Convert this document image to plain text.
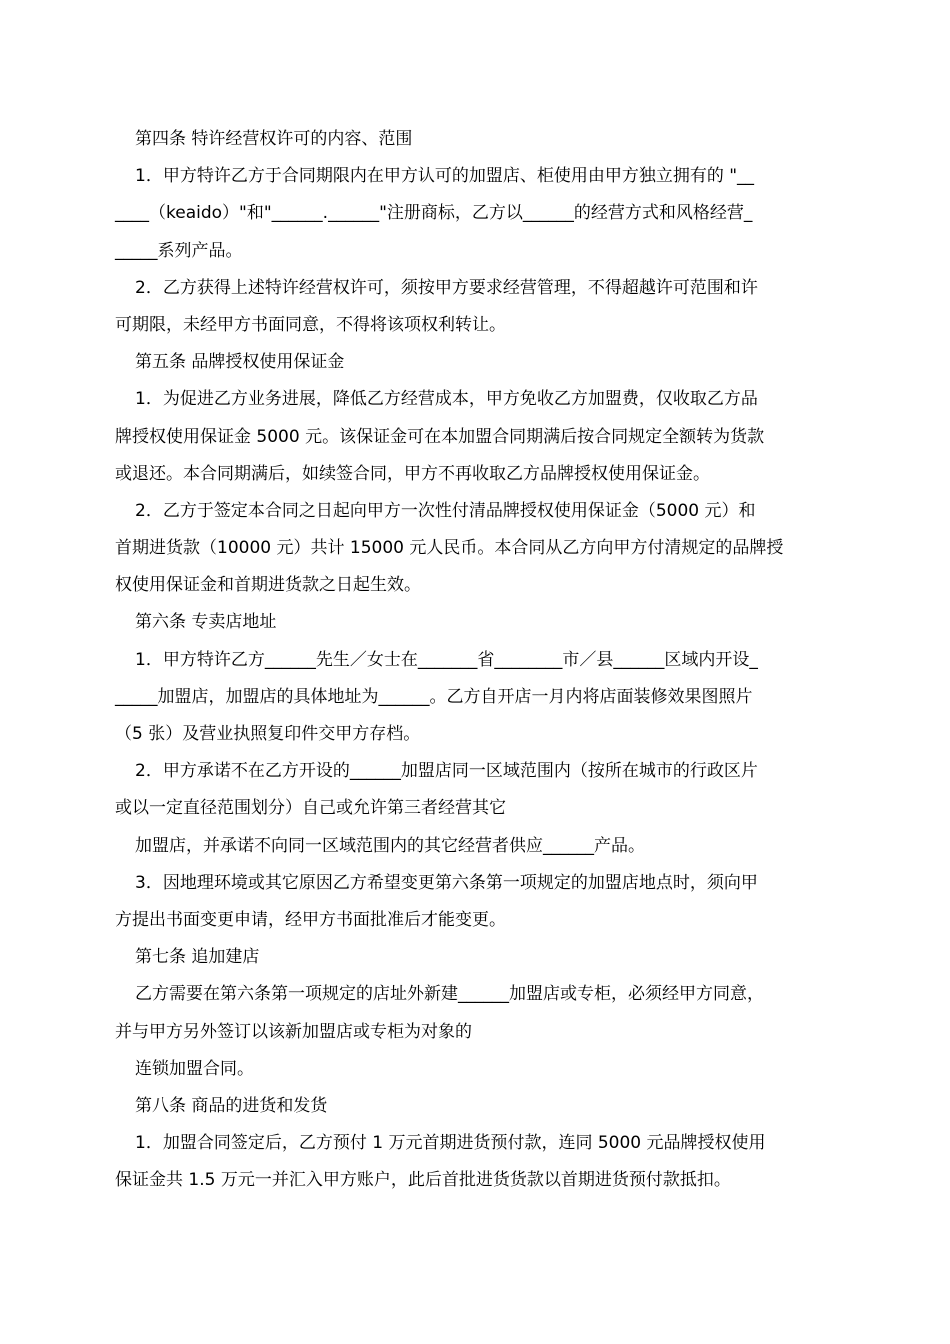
第四条 特许经营权许可的内容、范围
1．甲方特许乙方于合同期限内在甲方认可的加盟店、柜使用由甲方独立拥有的 "__
____（keaido）"和"______.______"注册商标，乙方以______的经营方式和风格经营_
_____系列产品。
2．乙方获得上述特许经营权许可，须按甲方要求经营管理，不得超越许可范围和许
可期限，未经甲方书面同意，不得将该项权利转让。
第五条 品牌授权使用保证金
1．为促进乙方业务进展，降低乙方经营成本，甲方免收乙方加盟费，仅收取乙方品
牌授权使用保证金 5000 元。该保证金可在本加盟合同期满后按合同规定全额转为货款
或退还。本合同期满后，如续签合同，甲方不再收取乙方品牌授权使用保证金。
2．乙方于签定本合同之日起向甲方一次性付清品牌授权使用保证金（5000 元）和
首期进货款（10000 元）共计 15000 元人民币。本合同从乙方向甲方付清规定的品牌授
权使用保证金和首期进货款之日起生效。
第六条 专卖店地址
1．甲方特许乙方______先生／女士在_______省________市／县______区域内开设_
_____加盟店，加盟店的具体地址为______。乙方自开店一月内将店面装修效果图照片
（5 张）及营业执照复印件交甲方存档。
2．甲方承诺不在乙方开设的______加盟店同一区域范围内（按所在城市的行政区片
或以一定直径范围划分）自己或允许第三者经营其它
加盟店，并承诺不向同一区域范围内的其它经营者供应______产品。
3．因地理环境或其它原因乙方希望变更第六条第一项规定的加盟店地点时，须向甲
方提出书面变更申请，经甲方书面批准后才能变更。
第七条 追加建店
乙方需要在第六条第一项规定的店址外新建______加盟店或专柜，必须经甲方同意，
并与甲方另外签订以该新加盟店或专柜为对象的
连锁加盟合同。
第八条 商品的进货和发货
1．加盟合同签定后，乙方预付 1 万元首期进货预付款，连同 5000 元品牌授权使用
保证金共 1.5 万元一并汇入甲方账户，此后首批进货货款以首期进货预付款抵扣。
